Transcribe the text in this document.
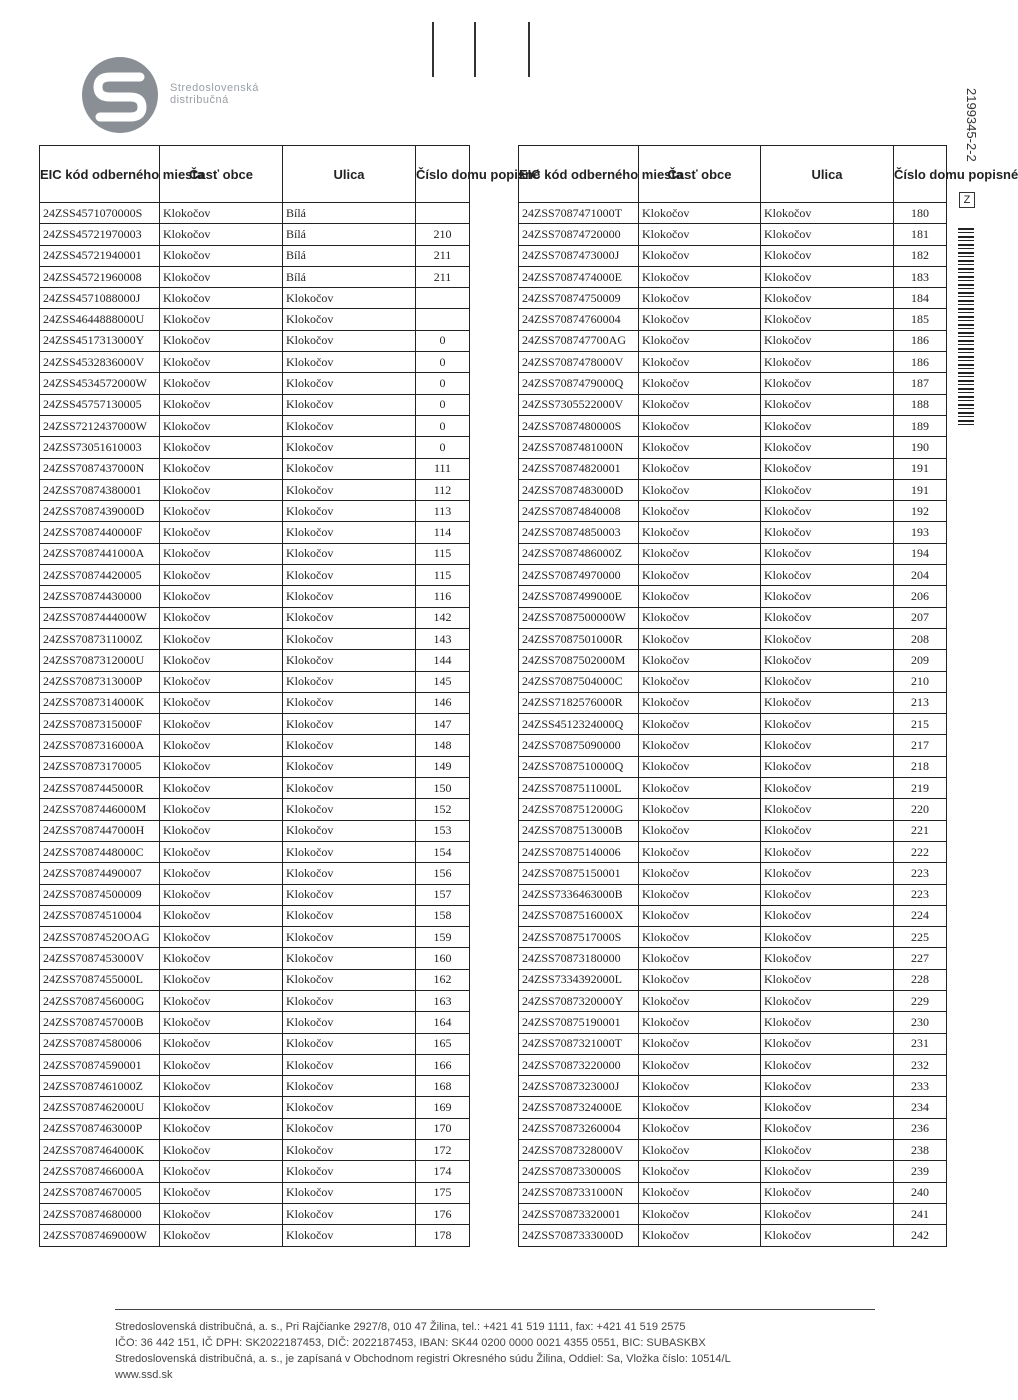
Stredoslovenská
distribučná	2199345-2-2
Z
EIC kód odberného miesta	Časť obce	Ulica	Číslo domu popisné
24ZSS4571070000S	Klokočov	Bílá	
24ZSS45721970003	Klokočov	Bílá	210
24ZSS45721940001	Klokočov	Bílá	211
24ZSS45721960008	Klokočov	Bílá	211
24ZSS4571088000J	Klokočov	Klokočov	
24ZSS4644888000U	Klokočov	Klokočov	
24ZSS4517313000Y	Klokočov	Klokočov	0
24ZSS4532836000V	Klokočov	Klokočov	0
24ZSS4534572000W	Klokočov	Klokočov	0
24ZSS45757130005	Klokočov	Klokočov	0
24ZSS7212437000W	Klokočov	Klokočov	0
24ZSS73051610003	Klokočov	Klokočov	0
24ZSS7087437000N	Klokočov	Klokočov	111
24ZSS70874380001	Klokočov	Klokočov	112
24ZSS7087439000D	Klokočov	Klokočov	113
24ZSS7087440000F	Klokočov	Klokočov	114
24ZSS7087441000A	Klokočov	Klokočov	115
24ZSS70874420005	Klokočov	Klokočov	115
24ZSS70874430000	Klokočov	Klokočov	116
24ZSS7087444000W	Klokočov	Klokočov	142
24ZSS7087311000Z	Klokočov	Klokočov	143
24ZSS7087312000U	Klokočov	Klokočov	144
24ZSS7087313000P	Klokočov	Klokočov	145
24ZSS7087314000K	Klokočov	Klokočov	146
24ZSS7087315000F	Klokočov	Klokočov	147
24ZSS7087316000A	Klokočov	Klokočov	148
24ZSS70873170005	Klokočov	Klokočov	149
24ZSS7087445000R	Klokočov	Klokočov	150
24ZSS7087446000M	Klokočov	Klokočov	152
24ZSS7087447000H	Klokočov	Klokočov	153
24ZSS7087448000C	Klokočov	Klokočov	154
24ZSS70874490007	Klokočov	Klokočov	156
24ZSS70874500009	Klokočov	Klokočov	157
24ZSS70874510004	Klokočov	Klokočov	158
24ZSS70874520OAG	Klokočov	Klokočov	159
24ZSS7087453000V	Klokočov	Klokočov	160
24ZSS7087455000L	Klokočov	Klokočov	162
24ZSS7087456000G	Klokočov	Klokočov	163
24ZSS7087457000B	Klokočov	Klokočov	164
24ZSS70874580006	Klokočov	Klokočov	165
24ZSS70874590001	Klokočov	Klokočov	166
24ZSS7087461000Z	Klokočov	Klokočov	168
24ZSS7087462000U	Klokočov	Klokočov	169
24ZSS7087463000P	Klokočov	Klokočov	170
24ZSS7087464000K	Klokočov	Klokočov	172
24ZSS7087466000A	Klokočov	Klokočov	174
24ZSS70874670005	Klokočov	Klokočov	175
24ZSS70874680000	Klokočov	Klokočov	176
24ZSS7087469000W	Klokočov	Klokočov	178
EIC kód odberného miesta	Časť obce	Ulica	Číslo domu popisné
24ZSS7087471000T	Klokočov	Klokočov	180
24ZSS70874720000	Klokočov	Klokočov	181
24ZSS7087473000J	Klokočov	Klokočov	182
24ZSS7087474000E	Klokočov	Klokočov	183
24ZSS70874750009	Klokočov	Klokočov	184
24ZSS70874760004	Klokočov	Klokočov	185
24ZSS708747700AG	Klokočov	Klokočov	186
24ZSS7087478000V	Klokočov	Klokočov	186
24ZSS7087479000Q	Klokočov	Klokočov	187
24ZSS7305522000V	Klokočov	Klokočov	188
24ZSS7087480000S	Klokočov	Klokočov	189
24ZSS7087481000N	Klokočov	Klokočov	190
24ZSS70874820001	Klokočov	Klokočov	191
24ZSS7087483000D	Klokočov	Klokočov	191
24ZSS70874840008	Klokočov	Klokočov	192
24ZSS70874850003	Klokočov	Klokočov	193
24ZSS7087486000Z	Klokočov	Klokočov	194
24ZSS70874970000	Klokočov	Klokočov	204
24ZSS7087499000E	Klokočov	Klokočov	206
24ZSS7087500000W	Klokočov	Klokočov	207
24ZSS7087501000R	Klokočov	Klokočov	208
24ZSS7087502000M	Klokočov	Klokočov	209
24ZSS7087504000C	Klokočov	Klokočov	210
24ZSS7182576000R	Klokočov	Klokočov	213
24ZSS4512324000Q	Klokočov	Klokočov	215
24ZSS70875090000	Klokočov	Klokočov	217
24ZSS7087510000Q	Klokočov	Klokočov	218
24ZSS7087511000L	Klokočov	Klokočov	219
24ZSS7087512000G	Klokočov	Klokočov	220
24ZSS7087513000B	Klokočov	Klokočov	221
24ZSS70875140006	Klokočov	Klokočov	222
24ZSS70875150001	Klokočov	Klokočov	223
24ZSS7336463000B	Klokočov	Klokočov	223
24ZSS7087516000X	Klokočov	Klokočov	224
24ZSS7087517000S	Klokočov	Klokočov	225
24ZSS70873180000	Klokočov	Klokočov	227
24ZSS7334392000L	Klokočov	Klokočov	228
24ZSS7087320000Y	Klokočov	Klokočov	229
24ZSS70875190001	Klokočov	Klokočov	230
24ZSS7087321000T	Klokočov	Klokočov	231
24ZSS70873220000	Klokočov	Klokočov	232
24ZSS7087323000J	Klokočov	Klokočov	233
24ZSS7087324000E	Klokočov	Klokočov	234
24ZSS70873260004	Klokočov	Klokočov	236
24ZSS7087328000V	Klokočov	Klokočov	238
24ZSS7087330000S	Klokočov	Klokočov	239
24ZSS7087331000N	Klokočov	Klokočov	240
24ZSS70873320001	Klokočov	Klokočov	241
24ZSS7087333000D	Klokočov	Klokočov	242
Stredoslovenská distribučná, a. s., Pri Rajčianke 2927/8, 010 47 Žilina, tel.: +421 41 519 1111, fax: +421 41 519 2575
IČO: 36 442 151, IČ DPH: SK2022187453, DIČ: 2022187453, IBAN: SK44 0200 0000 0021 4355 0551, BIC: SUBASKBX
Stredoslovenská distribučná, a. s., je zapísaná v Obchodnom registri Okresného súdu Žilina, Oddiel: Sa, Vložka číslo: 10514/L
www.ssd.sk
